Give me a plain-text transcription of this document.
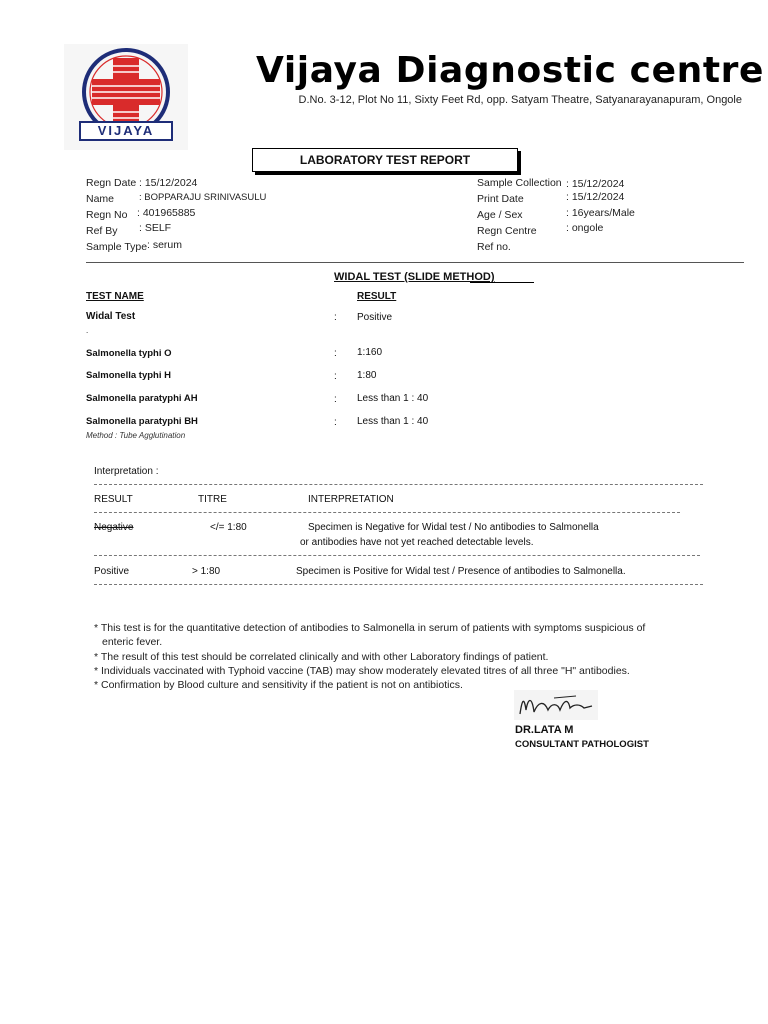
VIJAYA
Vijaya Diagnostic centre
D.No. 3-12, Plot No 11, Sixty Feet Rd, opp. Satyam Theatre, Satyanarayanapuram, Ongole
LABORATORY TEST REPORT
Regn Date : 15/12/2024
Name	: BOPPARAJU SRINIVASULU
Regn No : 401965885
Ref By : SELF
Sample Type : serum
Sample Collection : 15/12/2024
Print Date	: 15/12/2024
Age / Sex	: 16years/Male
Regn Centre	: ongole
Ref no.
WIDAL TEST (SLIDE METHOD)
TEST NAME	RESULT
Widal Test	: Positive
.
Salmonella typhi O	: 1:160
Salmonella typhi H	: 1:80
Salmonella paratyphi AH	: Less than 1 : 40
Salmonella paratyphi BH	: Less than 1 : 40
Method : Tube Agglutination
Interpretation :
RESULT	TITRE	INTERPRETATION
Negative	</= 1:80	Specimen is Negative for Widal test / No antibodies to Salmonella
or antibodies have not yet reached detectable levels.
Positive	> 1:80	Specimen is Positive for Widal test / Presence of antibodies to Salmonella.
* This test is for the quantitative detection of antibodies to Salmonella in serum of patients with symptoms suspicious of
enteric fever.
* The result of this test should be correlated clinically and with other Laboratory findings of patient.
* Individuals vaccinated with Typhoid vaccine (TAB) may show moderately elevated titres of all three "H" antibodies.
* Confirmation by Blood culture and sensitivity if the patient is not on antibiotics.
DR.LATA M
CONSULTANT PATHOLOGIST
